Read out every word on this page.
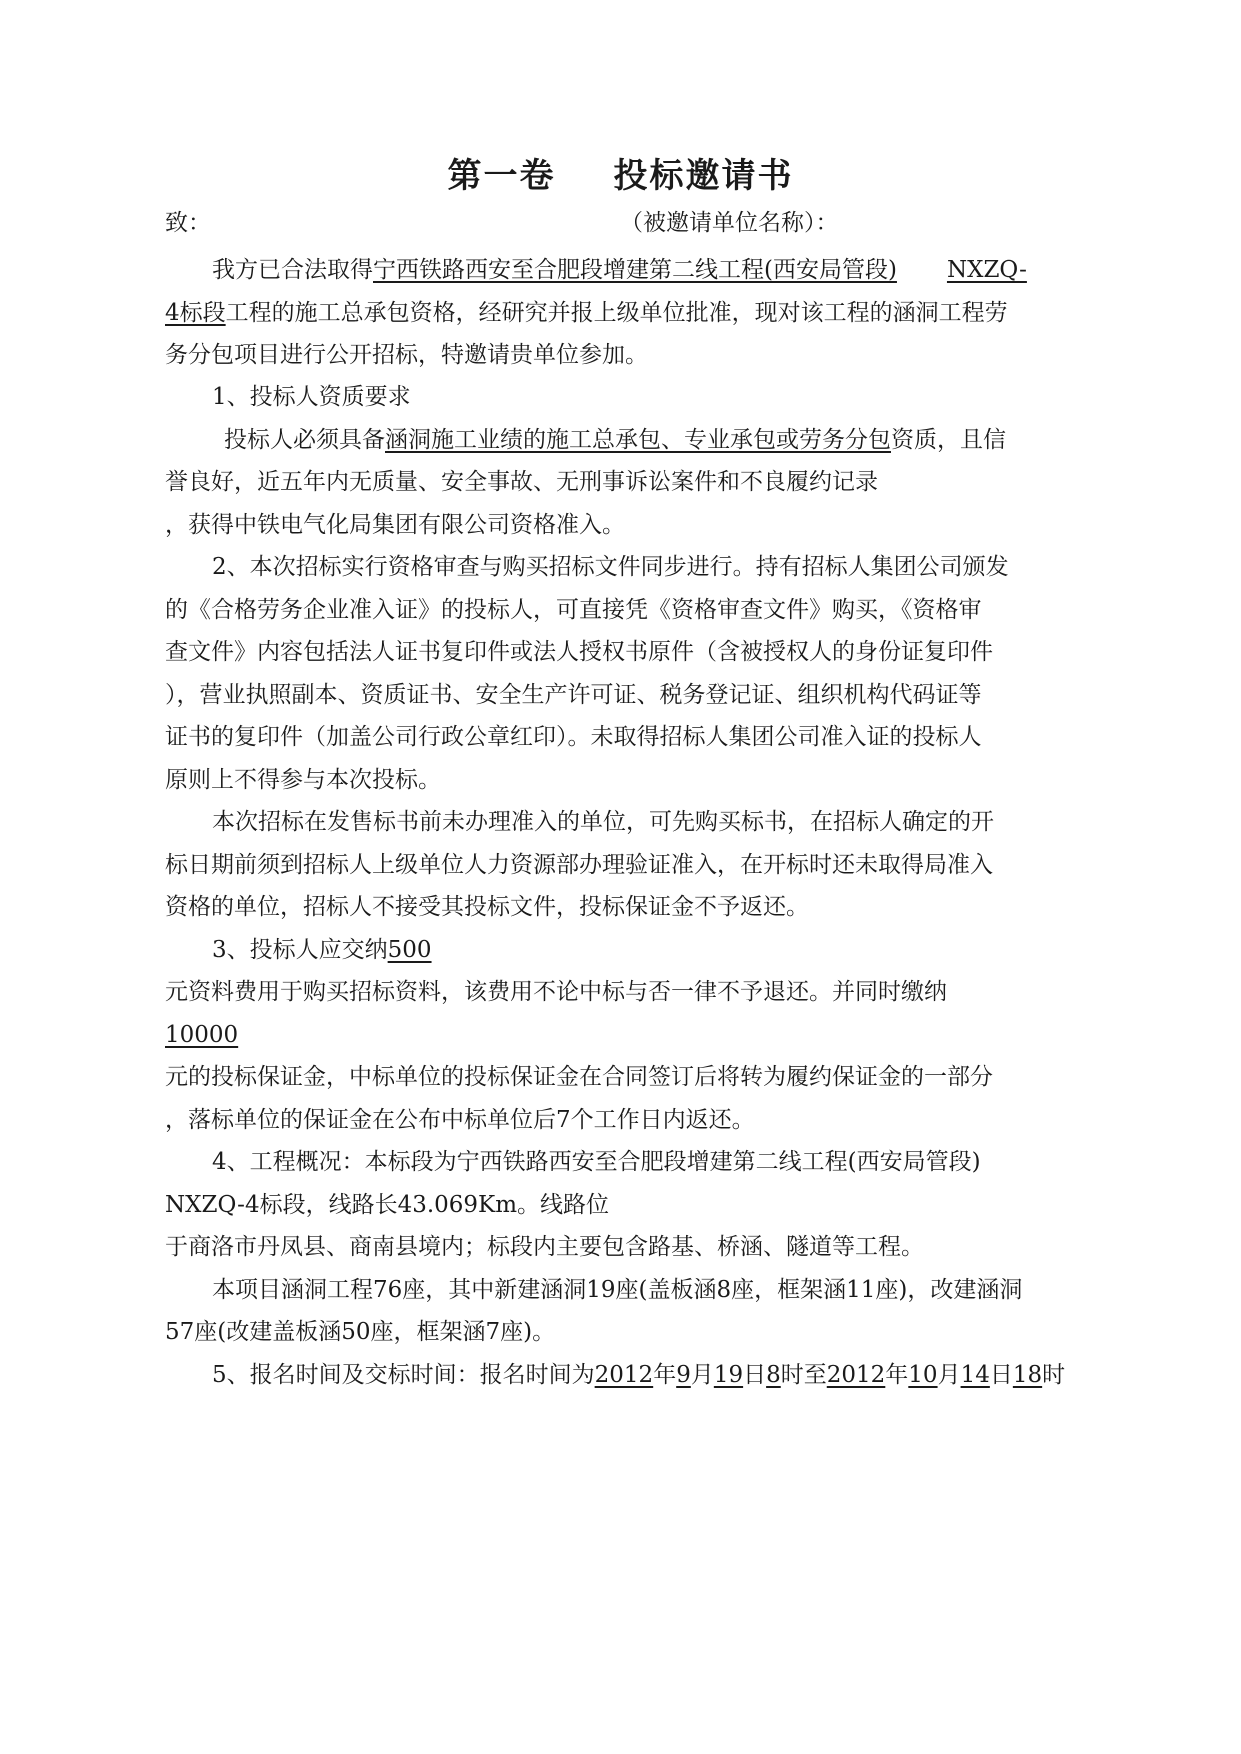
第一卷 投标邀请书
致：	（被邀请单位名称）：
我方已合法取得宁西铁路西安至合肥段增建第二线工程(西安局管段) NXZQ-
4标段工程的施工总承包资格，经研究并报上级单位批准，现对该工程的涵洞工程劳
务分包项目进行公开招标，特邀请贵单位参加。
1、投标人资质要求
投标人必须具备涵洞施工业绩的施工总承包、专业承包或劳务分包资质，且信
誉良好，近五年内无质量、安全事故、无刑事诉讼案件和不良履约记录
，获得中铁电气化局集团有限公司资格准入。
2、本次招标实行资格审查与购买招标文件同步进行。持有招标人集团公司颁发
的《合格劳务企业准入证》的投标人，可直接凭《资格审查文件》购买，《资格审
查文件》内容包括法人证书复印件或法人授权书原件（含被授权人的身份证复印件
），营业执照副本、资质证书、安全生产许可证、税务登记证、组织机构代码证等
证书的复印件（加盖公司行政公章红印）。未取得招标人集团公司准入证的投标人
原则上不得参与本次投标。
本次招标在发售标书前未办理准入的单位，可先购买标书，在招标人确定的开
标日期前须到招标人上级单位人力资源部办理验证准入，在开标时还未取得局准入
资格的单位，招标人不接受其投标文件，投标保证金不予返还。
3、投标人应交纳500
元资料费用于购买招标资料，该费用不论中标与否一律不予退还。并同时缴纳
10000
元的投标保证金，中标单位的投标保证金在合同签订后将转为履约保证金的一部分
，落标单位的保证金在公布中标单位后7个工作日内返还。
4、工程概况：本标段为宁西铁路西安至合肥段增建第二线工程(西安局管段)
NXZQ-4标段，线路长43.069Km。线路位
于商洛市丹凤县、商南县境内；标段内主要包含路基、桥涵、隧道等工程。
本项目涵洞工程76座，其中新建涵洞19座(盖板涵8座，框架涵11座)，改建涵洞
57座(改建盖板涵50座，框架涵7座)。
5、报名时间及交标时间：报名时间为2012年9月19日8时至2012年10月14日18时
